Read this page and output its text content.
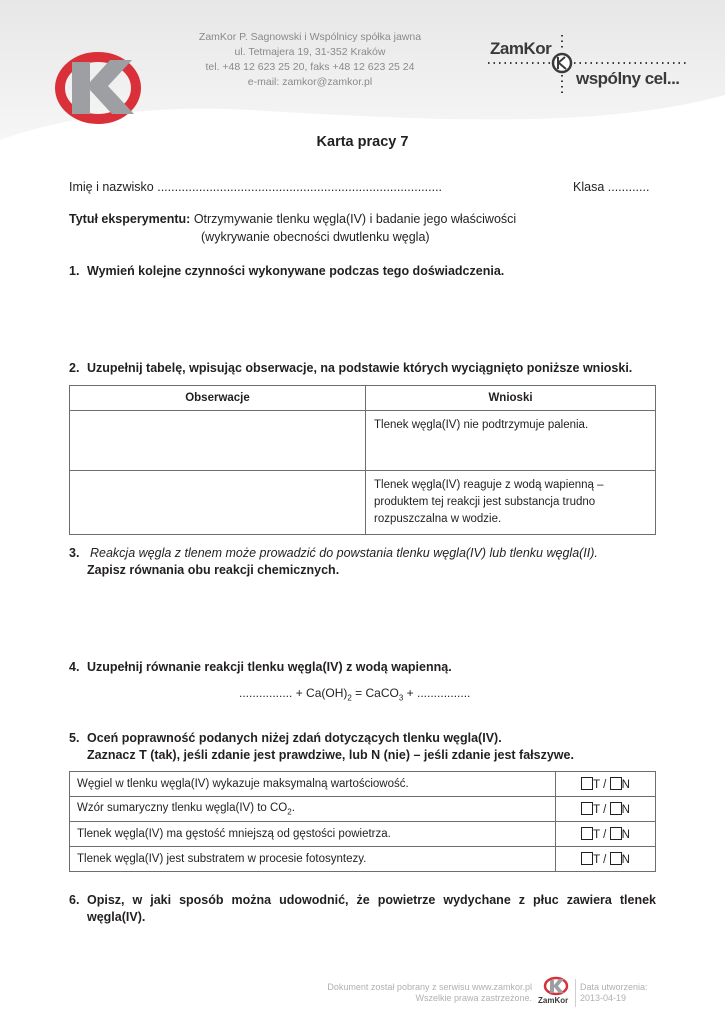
ZamKor P. Sagnowski i Wspólnicy spółka jawna
ul. Tetmajera 19, 31-352 Kraków
tel. +48 12 623 25 20, faks +48 12 623 25 24
e-mail: zamkor@zamkor.pl
ZamKor
wspólny cel...
Karta pracy 7
Imię i nazwisko ..................................................................................	Klasa ............
Tytuł eksperymentu: Otrzymywanie tlenku węgla(IV) i badanie jego właściwości
(wykrywanie obecności dwutlenku węgla)
1. Wymień kolejne czynności wykonywane podczas tego doświadczenia.
2. Uzupełnij tabelę, wpisując obserwacje, na podstawie których wyciągnięto poniższe wnioski.
Obserwacje	Wnioski
	Tlenek węgla(IV) nie podtrzymuje palenia.
	Tlenek węgla(IV) reaguje z wodą wapienną – produktem tej reakcji jest substancja trudno rozpuszczalna w wodzie.
3. Reakcja węgla z tlenem może prowadzić do powstania tlenku węgla(IV) lub tlenku węgla(II).
Zapisz równania obu reakcji chemicznych.
4. Uzupełnij równanie reakcji tlenku węgla(IV) z wodą wapienną.
................ + $Ca(OH)_2$ = CaCO$_3$ + ................
5. Oceń poprawność podanych niżej zdań dotyczących tlenku węgla(IV).
Zaznacz T (tak), jeśli zdanie jest prawdziwe, lub N (nie) – jeśli zdanie jest fałszywe.
Węgiel w tlenku węgla(IV) wykazuje maksymalną wartościowość.	T / N
Wzór sumaryczny tlenku węgla(IV) to $CO_2$.	T / N
Tlenek węgla(IV) ma gęstość mniejszą od gęstości powietrza.	T / N
Tlenek węgla(IV) jest substratem w procesie fotosyntezy.	T / N
6. Opisz, w jaki sposób można udowodnić, że powietrze wydychane z płuc zawiera tlenek
węgla(IV).
Dokument został pobrany z serwisu www.zamkor.pl
Wszelkie prawa zastrzeżone. ZamKor
Data utworzenia:
2013-04-19
